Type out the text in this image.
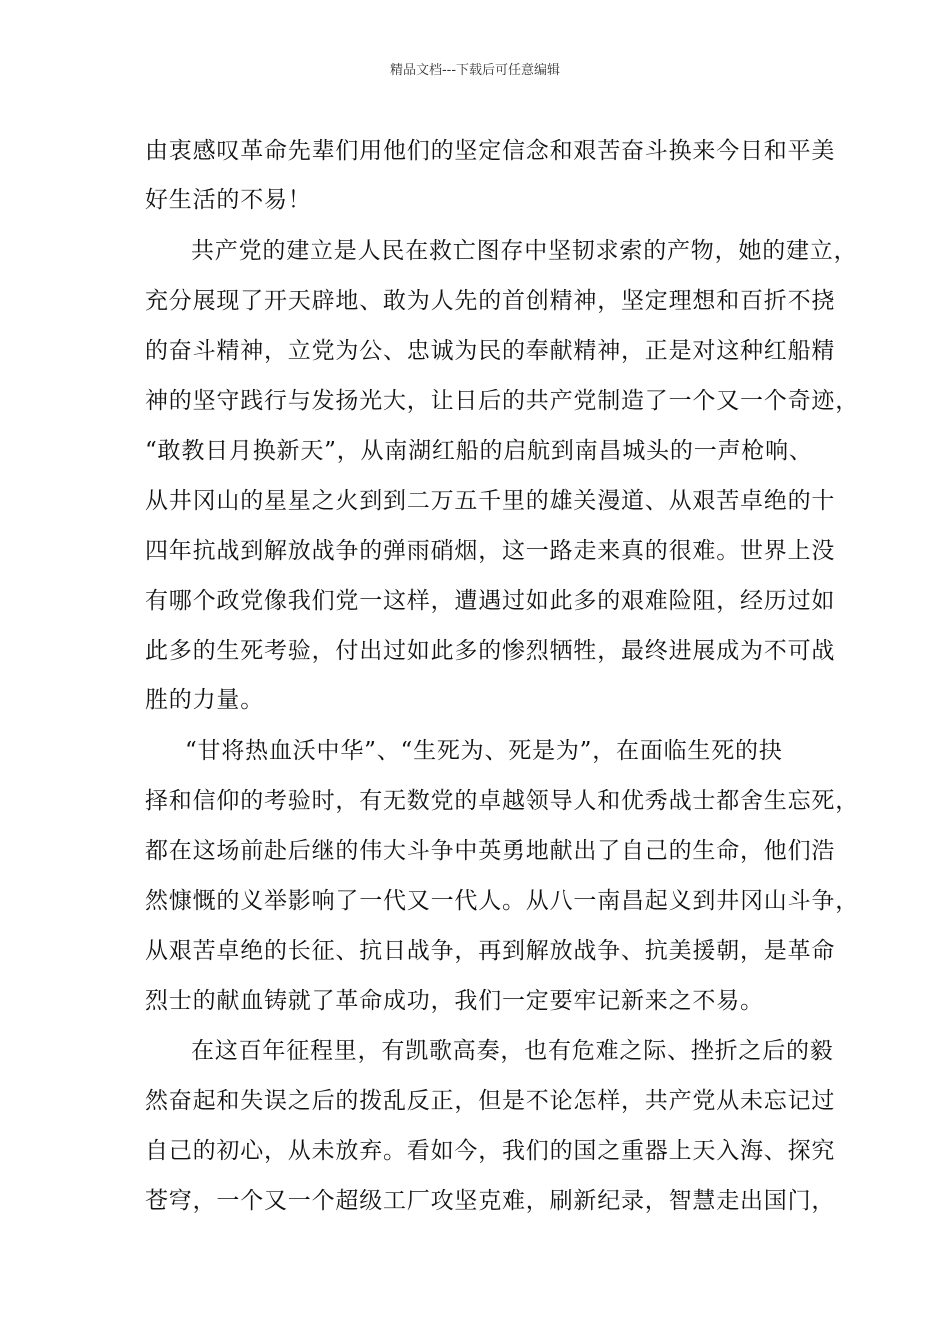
精品文档---下载后可任意编辑
由衷感叹革命先辈们用他们的坚定信念和艰苦奋斗换来今日和平美
好生活的不易！
共产党的建立是人民在救亡图存中坚韧求索的产物，她的建立，
充分展现了开天辟地、敢为人先的首创精神，坚定理想和百折不挠
的奋斗精神，立党为公、忠诚为民的奉献精神，正是对这种红船精
神的坚守践行与发扬光大，让日后的共产党制造了一个又一个奇迹，
“敢教日月换新天”，从南湖红船的启航到南昌城头的一声枪响、
从井冈山的星星之火到到二万五千里的雄关漫道、从艰苦卓绝的十
四年抗战到解放战争的弹雨硝烟，这一路走来真的很难。世界上没
有哪个政党像我们党一这样，遭遇过如此多的艰难险阻，经历过如
此多的生死考验，付出过如此多的惨烈牺牲，最终进展成为不可战
胜的力量。
“甘将热血沃中华”、“生死为、死是为”，在面临生死的抉
择和信仰的考验时，有无数党的卓越领导人和优秀战士都舍生忘死，
都在这场前赴后继的伟大斗争中英勇地献出了自己的生命，他们浩
然慷慨的义举影响了一代又一代人。从八一南昌起义到井冈山斗争，
从艰苦卓绝的长征、抗日战争，再到解放战争、抗美援朝，是革命
烈士的献血铸就了革命成功，我们一定要牢记新来之不易。
在这百年征程里，有凯歌高奏，也有危难之际、挫折之后的毅
然奋起和失误之后的拨乱反正，但是不论怎样，共产党从未忘记过
自己的初心，从未放弃。看如今，我们的国之重器上天入海、探究
苍穹，一个又一个超级工厂攻坚克难，刷新纪录，智慧走出国门，
